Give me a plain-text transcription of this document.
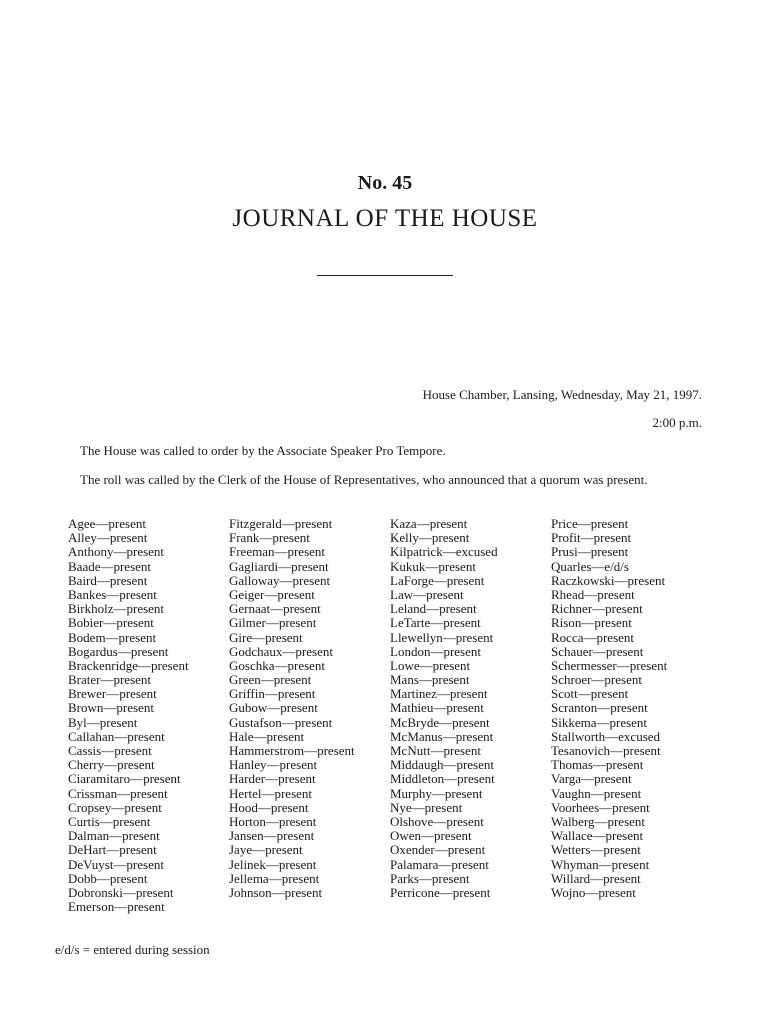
No. 45
JOURNAL OF THE HOUSE
House Chamber, Lansing, Wednesday, May 21, 1997.
2:00 p.m.
The House was called to order by the Associate Speaker Pro Tempore.
The roll was called by the Clerk of the House of Representatives, who announced that a quorum was present.
Agee—present
Alley—present
Anthony—present
Baade—present
Baird—present
Bankes—present
Birkholz—present
Bobier—present
Bodem—present
Bogardus—present
Brackenridge—present
Brater—present
Brewer—present
Brown—present
Byl—present
Callahan—present
Cassis—present
Cherry—present
Ciaramitaro—present
Crissman—present
Cropsey—present
Curtis—present
Dalman—present
DeHart—present
DeVuyst—present
Dobb—present
Dobronski—present
Emerson—present
Fitzgerald—present
Frank—present
Freeman—present
Gagliardi—present
Galloway—present
Geiger—present
Gernaat—present
Gilmer—present
Gire—present
Godchaux—present
Goschka—present
Green—present
Griffin—present
Gubow—present
Gustafson—present
Hale—present
Hammerstrom—present
Hanley—present
Harder—present
Hertel—present
Hood—present
Horton—present
Jansen—present
Jaye—present
Jelinek—present
Jellema—present
Johnson—present
Kaza—present
Kelly—present
Kilpatrick—excused
Kukuk—present
LaForge—present
Law—present
Leland—present
LeTarte—present
Llewellyn—present
London—present
Lowe—present
Mans—present
Martinez—present
Mathieu—present
McBryde—present
McManus—present
McNutt—present
Middaugh—present
Middleton—present
Murphy—present
Nye—present
Olshove—present
Owen—present
Oxender—present
Palamara—present
Parks—present
Perricone—present
Price—present
Profit—present
Prusi—present
Quarles—e/d/s
Raczkowski—present
Rhead—present
Richner—present
Rison—present
Rocca—present
Schauer—present
Schermesser—present
Schroer—present
Scott—present
Scranton—present
Sikkema—present
Stallworth—excused
Tesanovich—present
Thomas—present
Varga—present
Vaughn—present
Voorhees—present
Walberg—present
Wallace—present
Wetters—present
Whyman—present
Willard—present
Wojno—present
e/d/s = entered during session
